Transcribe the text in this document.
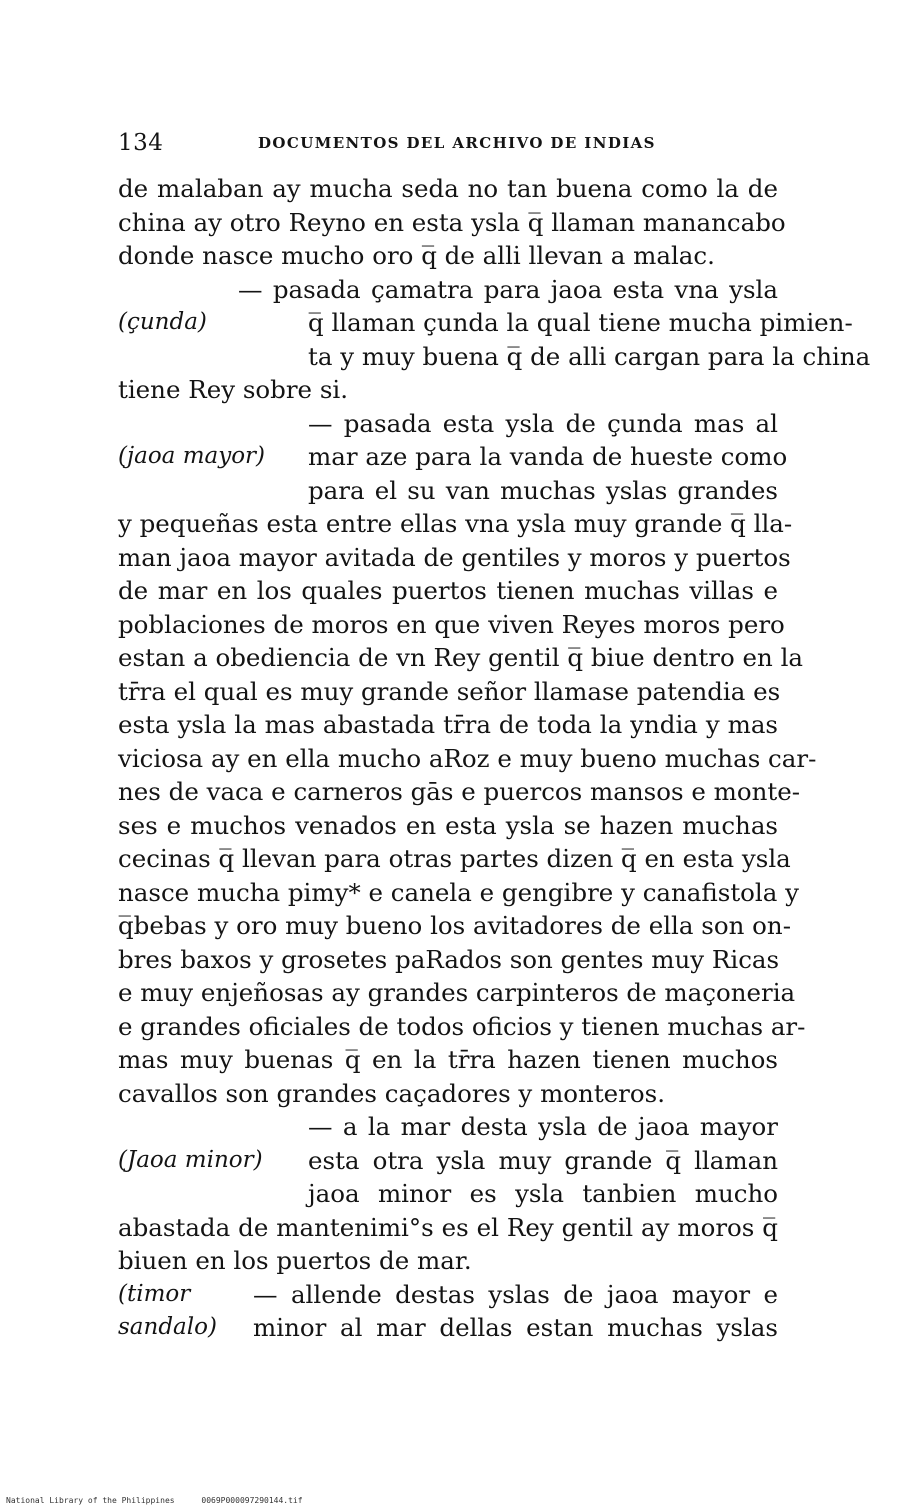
134	DOCUMENTOS DEL ARCHIVO DE INDIAS
de malaban ay mucha seda no tan buena como la de
china ay otro Reyno en esta ysla q̅ llaman manancabo
donde nasce mucho oro q̅ de alli llevan a malac.
— pasada çamatra para jaoa esta vna ysla
(çunda)	q̅ llaman çunda la qual tiene mucha pimien-
ta y muy buena q̅ de alli cargan para la china
tiene Rey sobre si.
— pasada esta ysla de çunda mas al
(jaoa mayor)	mar aze para la vanda de hueste como
para el su van muchas yslas grandes
y pequeñas esta entre ellas vna ysla muy grande q̅ lla-
man jaoa mayor avitada de gentiles y moros y puertos
de mar en los quales puertos tienen muchas villas e
poblaciones de moros en que viven Reyes moros pero
estan a obediencia de vn Rey gentil q̅ biue dentro en la
tr̄ra el qual es muy grande señor llamase patendia es
esta ysla la mas abastada tr̄ra de toda la yndia y mas
viciosa ay en ella mucho aRoz e muy bueno muchas car-
nes de vaca e carneros gās e puercos mansos e monte-
ses e muchos venados en esta ysla se hazen muchas
cecinas q̅ llevan para otras partes dizen q̅ en esta ysla
nasce mucha pimy* e canela e gengibre y canafistola y
q̅bebas y oro muy bueno los avitadores de ella son on-
bres baxos y grosetes paRados son gentes muy Ricas
e muy enjeñosas ay grandes carpinteros de maçoneria
e grandes oficiales de todos oficios y tienen muchas ar-
mas muy buenas q̅ en la tr̄ra hazen tienen muchos
cavallos son grandes caçadores y monteros.
— a la mar desta ysla de jaoa mayor
(Jaoa minor)	esta otra ysla muy grande q̅ llaman
jaoa minor es ysla tanbien mucho
abastada de mantenimi°s es el Rey gentil ay moros q̅
biuen en los puertos de mar.
(timor	— allende destas yslas de jaoa mayor e
sandalo)	minor al mar dellas estan muchas yslas
National Library of the Philippines	0069P000097290144.tif
